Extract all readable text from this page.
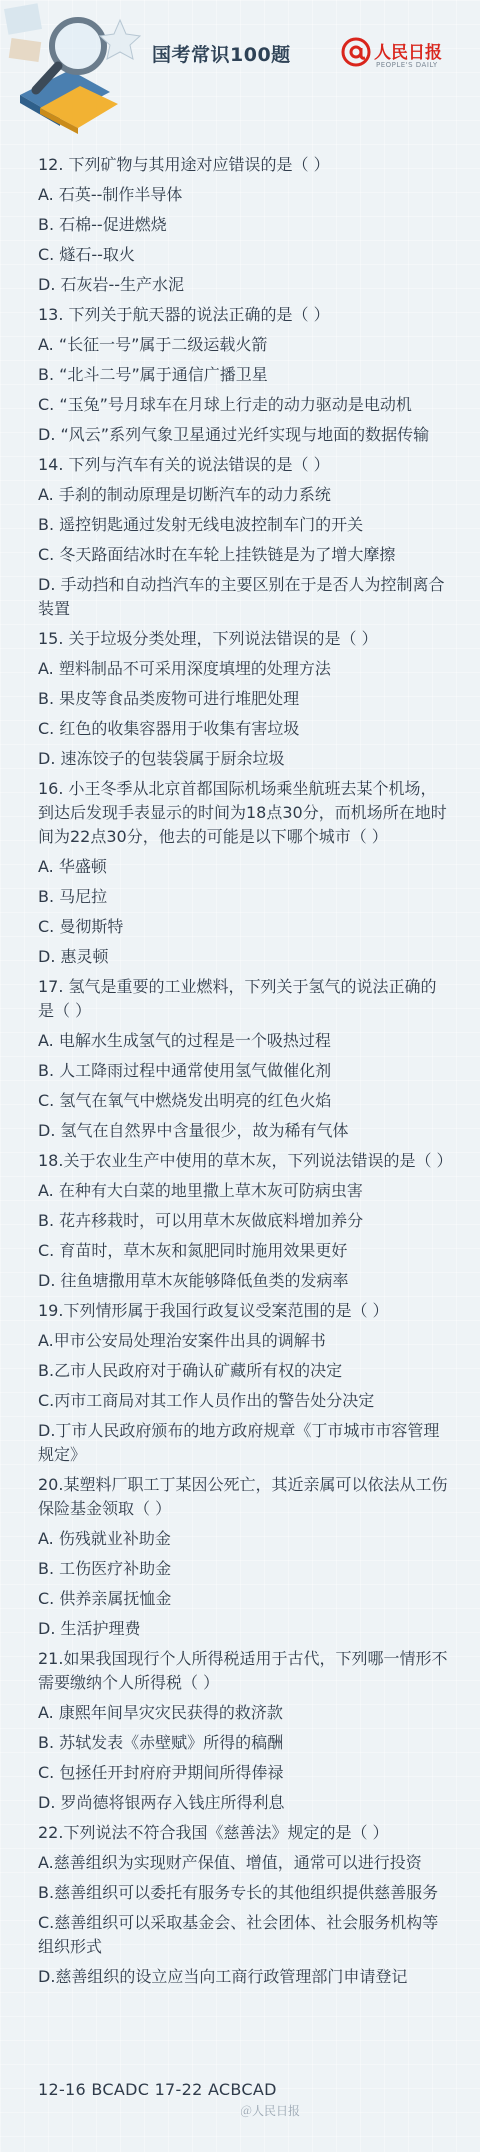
国考常识100题	人民日报
PEOPLE'S DAILY

12. 下列矿物与其用途对应错误的是（ ）

A. 石英--制作半导体

B. 石棉--促进燃烧

C. 燧石--取火

D. 石灰岩--生产水泥

13. 下列关于航天器的说法正确的是（ ）

A. “长征一号”属于二级运载火箭

B. “北斗二号”属于通信广播卫星

C. “玉兔”号月球车在月球上行走的动力驱动是电动机

D. “风云”系列气象卫星通过光纤实现与地面的数据传输

14. 下列与汽车有关的说法错误的是（ ）

A. 手刹的制动原理是切断汽车的动力系统

B. 遥控钥匙通过发射无线电波控制车门的开关

C. 冬天路面结冰时在车轮上挂铁链是为了增大摩擦

D. 手动挡和自动挡汽车的主要区别在于是否人为控制离合装置

15. 关于垃圾分类处理，下列说法错误的是（ ）

A. 塑料制品不可采用深度填埋的处理方法

B. 果皮等食品类废物可进行堆肥处理

C. 红色的收集容器用于收集有害垃圾

D. 速冻饺子的包装袋属于厨余垃圾

16. 小王冬季从北京首都国际机场乘坐航班去某个机场，到达后发现手表显示的时间为18点30分，而机场所在地时间为22点30分，他去的可能是以下哪个城市（ ）

A. 华盛顿

B. 马尼拉

C. 曼彻斯特

D. 惠灵顿

17. 氢气是重要的工业燃料，下列关于氢气的说法正确的是（ ）

A. 电解水生成氢气的过程是一个吸热过程

B. 人工降雨过程中通常使用氢气做催化剂

C. 氢气在氧气中燃烧发出明亮的红色火焰

D. 氢气在自然界中含量很少，故为稀有气体

18.关于农业生产中使用的草木灰，下列说法错误的是（ ）

A. 在种有大白菜的地里撒上草木灰可防病虫害

B. 花卉移栽时，可以用草木灰做底料增加养分

C. 育苗时，草木灰和氮肥同时施用效果更好

D. 往鱼塘撒用草木灰能够降低鱼类的发病率

19.下列情形属于我国行政复议受案范围的是（ ）

A.甲市公安局处理治安案件出具的调解书

B.乙市人民政府对于确认矿藏所有权的决定

C.丙市工商局对其工作人员作出的警告处分决定

D.丁市人民政府颁布的地方政府规章《丁市城市市容管理规定》

20.某塑料厂职工丁某因公死亡，其近亲属可以依法从工伤保险基金领取（ ）

A. 伤残就业补助金

B. 工伤医疗补助金

C. 供养亲属抚恤金

D. 生活护理费

21.如果我国现行个人所得税适用于古代，下列哪一情形不需要缴纳个人所得税（ ）

A. 康熙年间旱灾灾民获得的救济款

B. 苏轼发表《赤壁赋》所得的稿酬

C. 包拯任开封府府尹期间所得俸禄

D. 罗尚德将银两存入钱庄所得利息

22.下列说法不符合我国《慈善法》规定的是（ ）

A.慈善组织为实现财产保值、增值，通常可以进行投资

B.慈善组织可以委托有服务专长的其他组织提供慈善服务

C.慈善组织可以采取基金会、社会团体、社会服务机构等组织形式

D.慈善组织的设立应当向工商行政管理部门申请登记

12-16 BCADC 17-22 ACBCAD
＠人民日报
